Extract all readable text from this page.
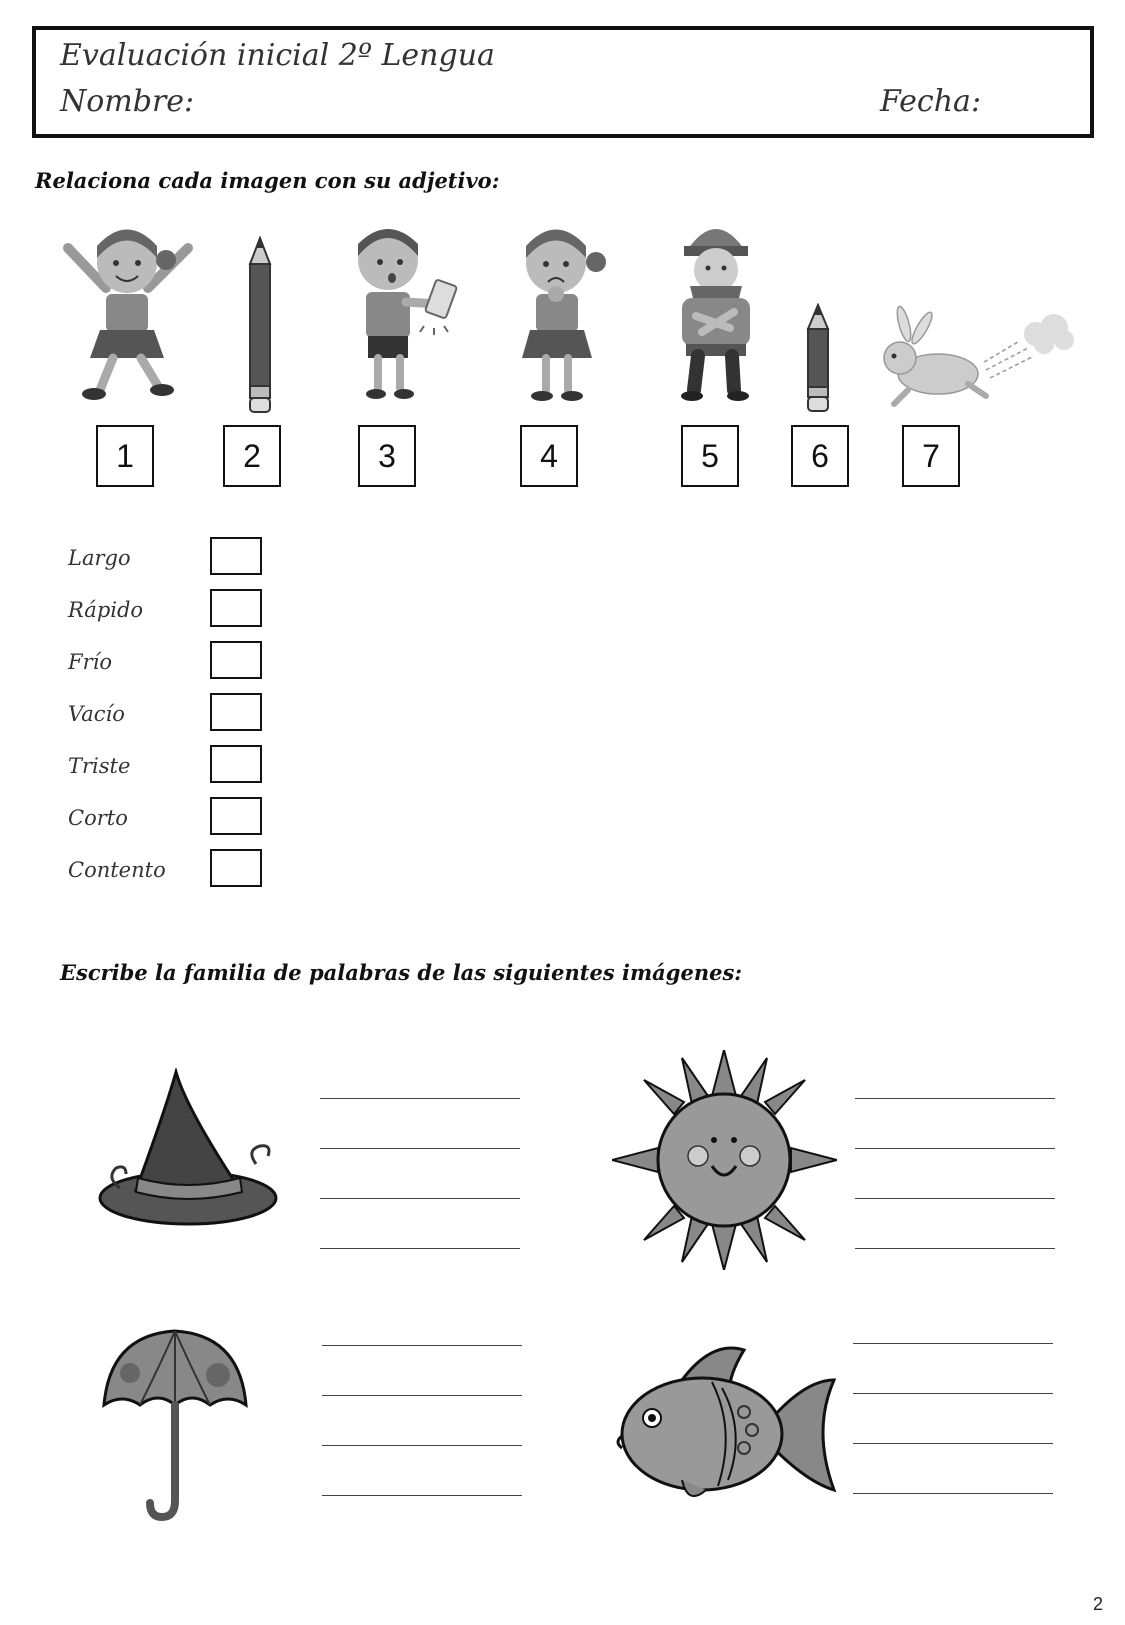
Evaluación inicial 2º Lengua
Nombre:	Fecha:
Relaciona cada imagen con su adjetivo:
1	2	3	4	5	6	7
Largo
Rápido
Frío
Vacío
Triste
Corto
Contento
Escribe la familia de palabras de las siguientes imágenes:
2
